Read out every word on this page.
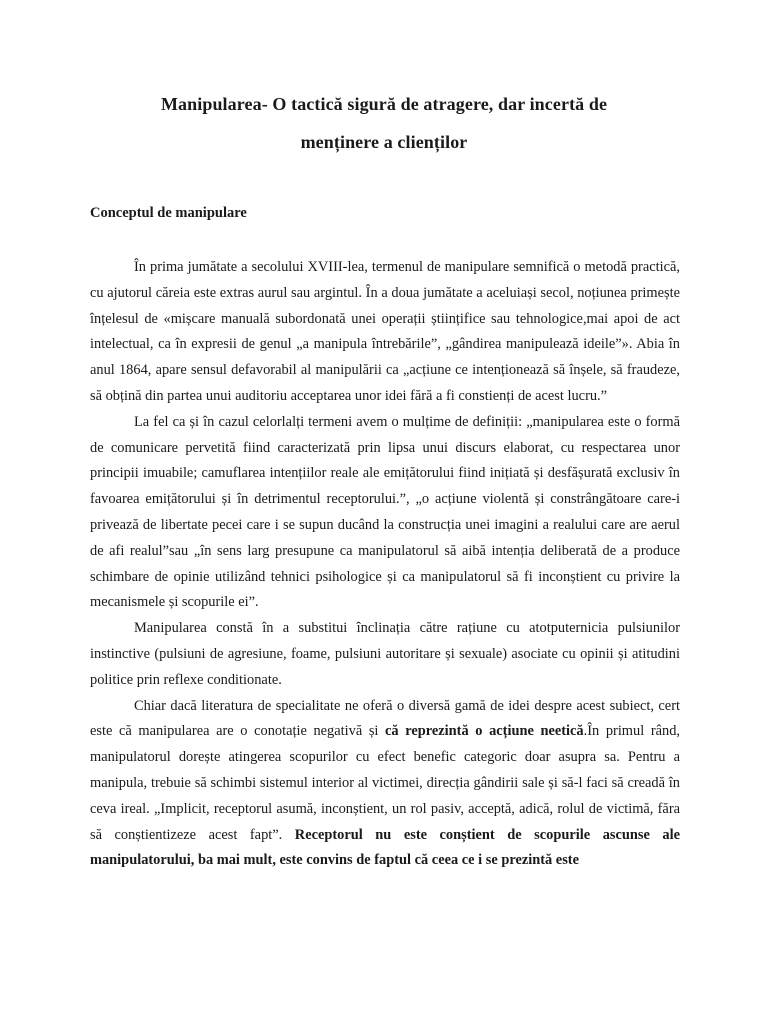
Manipularea- O tactică sigură de atragere, dar incertă de
menținere a clienților
Conceptul de manipulare

În prima jumătate a secolului XVIII-lea, termenul de manipulare semnifică o metodă practică, cu ajutorul căreia este extras aurul sau argintul. În a doua jumătate a aceluiași secol, noțiunea primește înțelesul de «mișcare manuală subordonată unei operații științifice sau tehnologice,mai apoi de act intelectual, ca în expresii de genul „a manipula întrebările”, „gândirea manipulează ideile”». Abia în anul 1864, apare sensul defavorabil al manipulării ca „acțiune ce intenționează să înșele, să fraudeze, să obțină din partea unui auditoriu acceptarea unor idei fără a fi constienți de acest lucru.”

La fel ca și în cazul celorlalți termeni avem o mulțime de definiții: „manipularea este o formă de comunicare pervetită fiind caracterizată prin lipsa unui discurs elaborat, cu respectarea unor principii imuabile; camuflarea intențiilor reale ale emițătorului fiind inițiată și desfășurată exclusiv în favoarea emițătorului și în detrimentul receptorului.”, „o acțiune violentă și constrângătoare care-i privează de libertate pecei care i se supun ducând la construcția unei imagini a realului care are aerul de afi realul”sau „în sens larg presupune ca manipulatorul să aibă intenția deliberată de a produce schimbare de opinie utilizând tehnici psihologice și ca manipulatorul să fi inconștient cu privire la mecanismele și scopurile ei”.

Manipularea constă în a substitui înclinația către rațiune cu atotputernicia pulsiunilor instinctive (pulsiuni de agresiune, foame, pulsiuni autoritare și sexuale) asociate cu opinii și atitudini politice prin reflexe conditionate.

Chiar dacă literatura de specialitate ne oferă o diversă gamă de idei despre acest subiect, cert este că manipularea are o conotație negativă și că reprezintă o acțiune neetică.În primul rând, manipulatorul dorește atingerea scopurilor cu efect benefic categoric doar asupra sa. Pentru a manipula, trebuie să schimbi sistemul interior al victimei, direcția gândirii sale și să-l faci să creadă în ceva ireal. „Implicit, receptorul asumă, inconștient, un rol pasiv, acceptă, adică, rolul de victimă, făra să conștientizeze acest fapt”. Receptorul nu este conștient de scopurile ascunse ale manipulatorului, ba mai mult, este convins de faptul că ceea ce i se prezintă este
